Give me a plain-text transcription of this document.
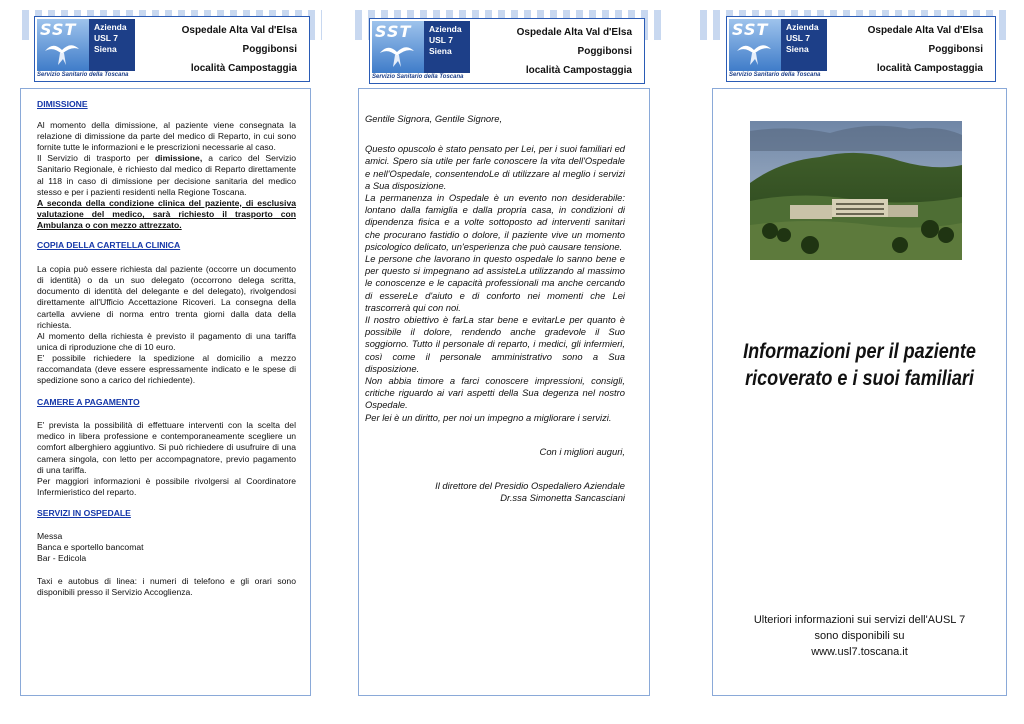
SST Azienda
USL 7
Siena
Servizio Sanitario della Toscana
Ospedale Alta Val d'Elsa
Poggibonsi
località Campostaggia
SST Azienda
USL 7
Siena
Servizio Sanitario della Toscana
Ospedale Alta Val d'Elsa
Poggibonsi
località Campostaggia
SST Azienda
USL 7
Siena
Servizio Sanitario della Toscana
Ospedale Alta Val d'Elsa
Poggibonsi
località Campostaggia
DIMISSIONE

Al momento della dimissione, al paziente viene consegnata la relazione di dimissione da parte del medico di Reparto, in cui sono fornite tutte le informazioni e le prescrizioni necessarie al caso.

Il Servizio di trasporto per dimissione, a carico del Servizio Sanitario Regionale, è richiesto dal medico di Reparto direttamente al 118 in caso di dimissione per decisione sanitaria del medico stesso e per i pazienti residenti nella Regione Toscana.

A seconda della condizione clinica del paziente, di esclusiva valutazione del medico, sarà richiesto il trasporto con Ambulanza o con mezzo attrezzato.

COPIA DELLA CARTELLA CLINICA

La copia può essere richiesta dal paziente (occorre un documento di identità) o da un suo delegato (occorrono delega scritta, documento di identità del delegante e del delegato), rivolgendosi direttamente all'Ufficio Accettazione Ricoveri. La consegna della cartella avviene di norma entro trenta giorni dalla data della richiesta.

Al momento della richiesta è previsto il pagamento di una tariffa unica di riproduzione che di 10 euro.

E' possibile richiedere la spedizione al domicilio a mezzo raccomandata (deve essere espressamente indicato e le spese di spedizione sono a carico del richiedente).

CAMERE A PAGAMENTO

E' prevista la possibilità di effettuare interventi con la scelta del medico in libera professione e contemporaneamente scegliere un comfort alberghiero aggiuntivo. Si può richiedere di usufruire di una camera singola, con letto per accompagnatore, previo pagamento di una tariffa.

Per maggiori informazioni è possibile rivolgersi al Coordinatore Infermieristico del reparto.

SERVIZI IN OSPEDALE
Messa
Banca e sportello bancomat
Bar - Edicola

Taxi e autobus di linea: i numeri di telefono e gli orari sono disponibili presso il Servizio Accoglienza.

Gentile Signora, Gentile Signore,

Questo opuscolo è stato pensato per Lei, per i suoi familiari ed amici. Spero sia utile per farle conoscere la vita dell'Ospedale e nell'Ospedale, consentendoLe di utilizzare al meglio i servizi a Sua disposizione.

La permanenza in Ospedale è un evento non desiderabile: lontano dalla famiglia e dalla propria casa, in condizioni di dipendenza fisica e a volte sottoposto ad interventi sanitari che procurano fastidio o dolore, il paziente vive un momento psicologico delicato, un'esperienza che può causare tensione.

Le persone che lavorano in questo ospedale lo sanno bene e per questo si impegnano ad assisteLa utilizzando al massimo le conoscenze e le capacità professionali ma anche cercando di essereLe d'aiuto e di conforto nei momenti che Lei trascorrerà qui con noi.

Il nostro obiettivo è farLa star bene e evitarLe per quanto è possibile il dolore, rendendo anche gradevole il Suo soggiorno. Tutto il personale di reparto, i medici, gli infermieri, così come il personale amministrativo sono a Sua disposizione.

Non abbia timore a farci conoscere impressioni, consigli, critiche riguardo ai vari aspetti della Sua degenza nel nostro Ospedale.

Per lei è un diritto, per noi un impegno a migliorare i servizi.

Con i migliori auguri,

Il direttore del Presidio Ospedaliero Aziendale

Dr.ssa Simonetta Sancasciani

Informazioni per il paziente
ricoverato e i suoi familiari
Ulteriori informazioni sui servizi dell'AUSL 7
sono disponibili su
www.usl7.toscana.it
